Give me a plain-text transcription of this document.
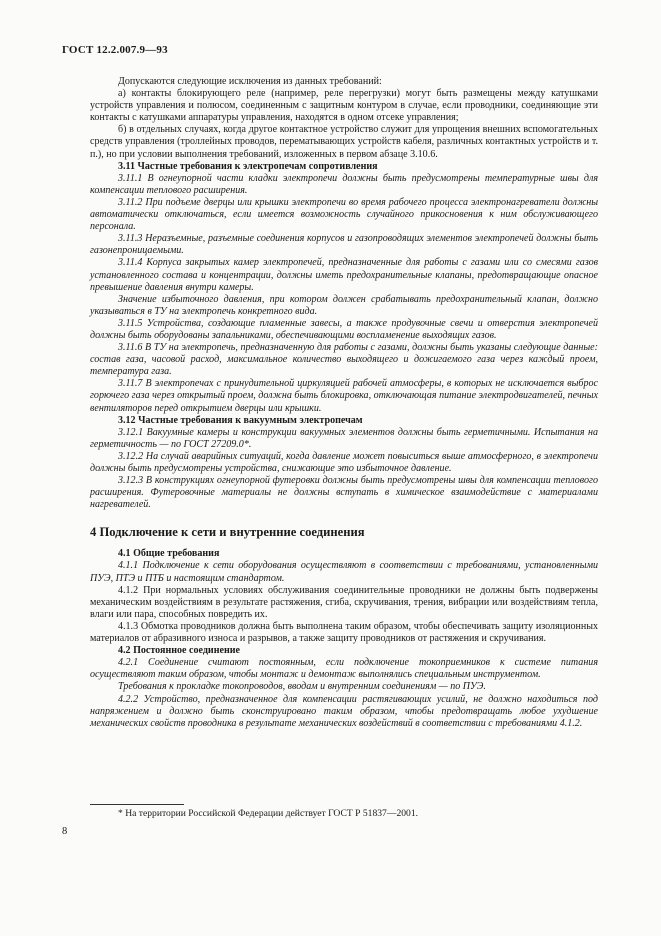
ГОСТ 12.2.007.9—93

Допускаются следующие исключения из данных требований:

а) контакты блокирующего реле (например, реле перегрузки) могут быть размещены между катушками устройств управления и полюсом, соединенным с защитным контуром в случае, если проводники, соединяющие эти контакты с катушками аппаратуры управления, находятся в одном отсеке управления;

б) в отдельных случаях, когда другое контактное устройство служит для упрощения внешних вспомогательных средств управления (троллейных проводов, перематывающих устройств кабеля, различных контактных устройств и т. п.), но при условии выполнения требований, изложенных в первом абзаце 3.10.6.

3.11 Частные требования к электропечам сопротивления

3.11.1 В огнеупорной части кладки электропечи должны быть предусмотрены температурные швы для компенсации теплового расширения.

3.11.2 При подъеме дверцы или крышки электропечи во время рабочего процесса электронагреватели должны автоматически отключаться, если имеется возможность случайного прикосновения к ним обслуживающего персонала.

3.11.3 Неразъемные, разъемные соединения корпусов и газопроводящих элементов электропечей должны быть газонепроницаемыми.

3.11.4 Корпуса закрытых камер электропечей, предназначенные для работы с газами или со смесями газов установленного состава и концентрации, должны иметь предохранительные клапаны, предотвращающие опасное превышение давления внутри камеры.

Значение избыточного давления, при котором должен срабатывать предохранительный клапан, должно указываться в ТУ на электропечь конкретного вида.

3.11.5 Устройства, создающие пламенные завесы, а также продувочные свечи и отверстия электропечей должны быть оборудованы запальниками, обеспечивающими воспламенение выходящих газов.

3.11.6 В ТУ на электропечь, предназначенную для работы с газами, должны быть указаны следующие данные: состав газа, часовой расход, максимальное количество выходящего и дожигаемого газа через каждый проем, температура газа.

3.11.7 В электропечах с принудительной циркуляцией рабочей атмосферы, в которых не исключается выброс горючего газа через открытый проем, должна быть блокировка, отключающая питание электродвигателей, печных вентиляторов перед открытием дверцы или крышки.

3.12 Частные требования к вакуумным электропечам

3.12.1 Вакуумные камеры и конструкции вакуумных элементов должны быть герметичными. Испытания на герметичность — по ГОСТ 27209.0*.

3.12.2 На случай аварийных ситуаций, когда давление может повыситься выше атмосферного, в электропечи должны быть предусмотрены устройства, снижающие это избыточное давление.

3.12.3 В конструкциях огнеупорной футеровки должны быть предусмотрены швы для компенсации теплового расширения. Футеровочные материалы не должны вступать в химическое взаимодействие с материалами нагревателей.

4 Подключение к сети и внутренние соединения

4.1 Общие требования

4.1.1 Подключение к сети оборудования осуществляют в соответствии с требованиями, установленными ПУЭ, ПТЭ и ПТБ и настоящим стандартом.

4.1.2 При нормальных условиях обслуживания соединительные проводники не должны быть подвержены механическим воздействиям в результате растяжения, сгиба, скручивания, трения, вибрации или воздействиям тепла, влаги или пара, способных повредить их.

4.1.3 Обмотка проводников должна быть выполнена таким образом, чтобы обеспечивать защиту изоляционных материалов от абразивного износа и разрывов, а также защиту проводников от растяжения и скручивания.

4.2 Постоянное соединение

4.2.1 Соединение считают постоянным, если подключение токоприемников к системе питания осуществляют таким образом, чтобы монтаж и демонтаж выполнялись специальным инструментом.

Требования к прокладке токопроводов, вводам и внутренним соединениям — по ПУЭ.

4.2.2 Устройство, предназначенное для компенсации растягивающих усилий, не должно находиться под напряжением и должно быть сконструировано таким образом, чтобы предотвращать любое ухудшение механических свойств проводника в результате механических воздействий в соответствии с требованиями 4.1.2.

* На территории Российской Федерации действует ГОСТ Р 51837—2001.
8
